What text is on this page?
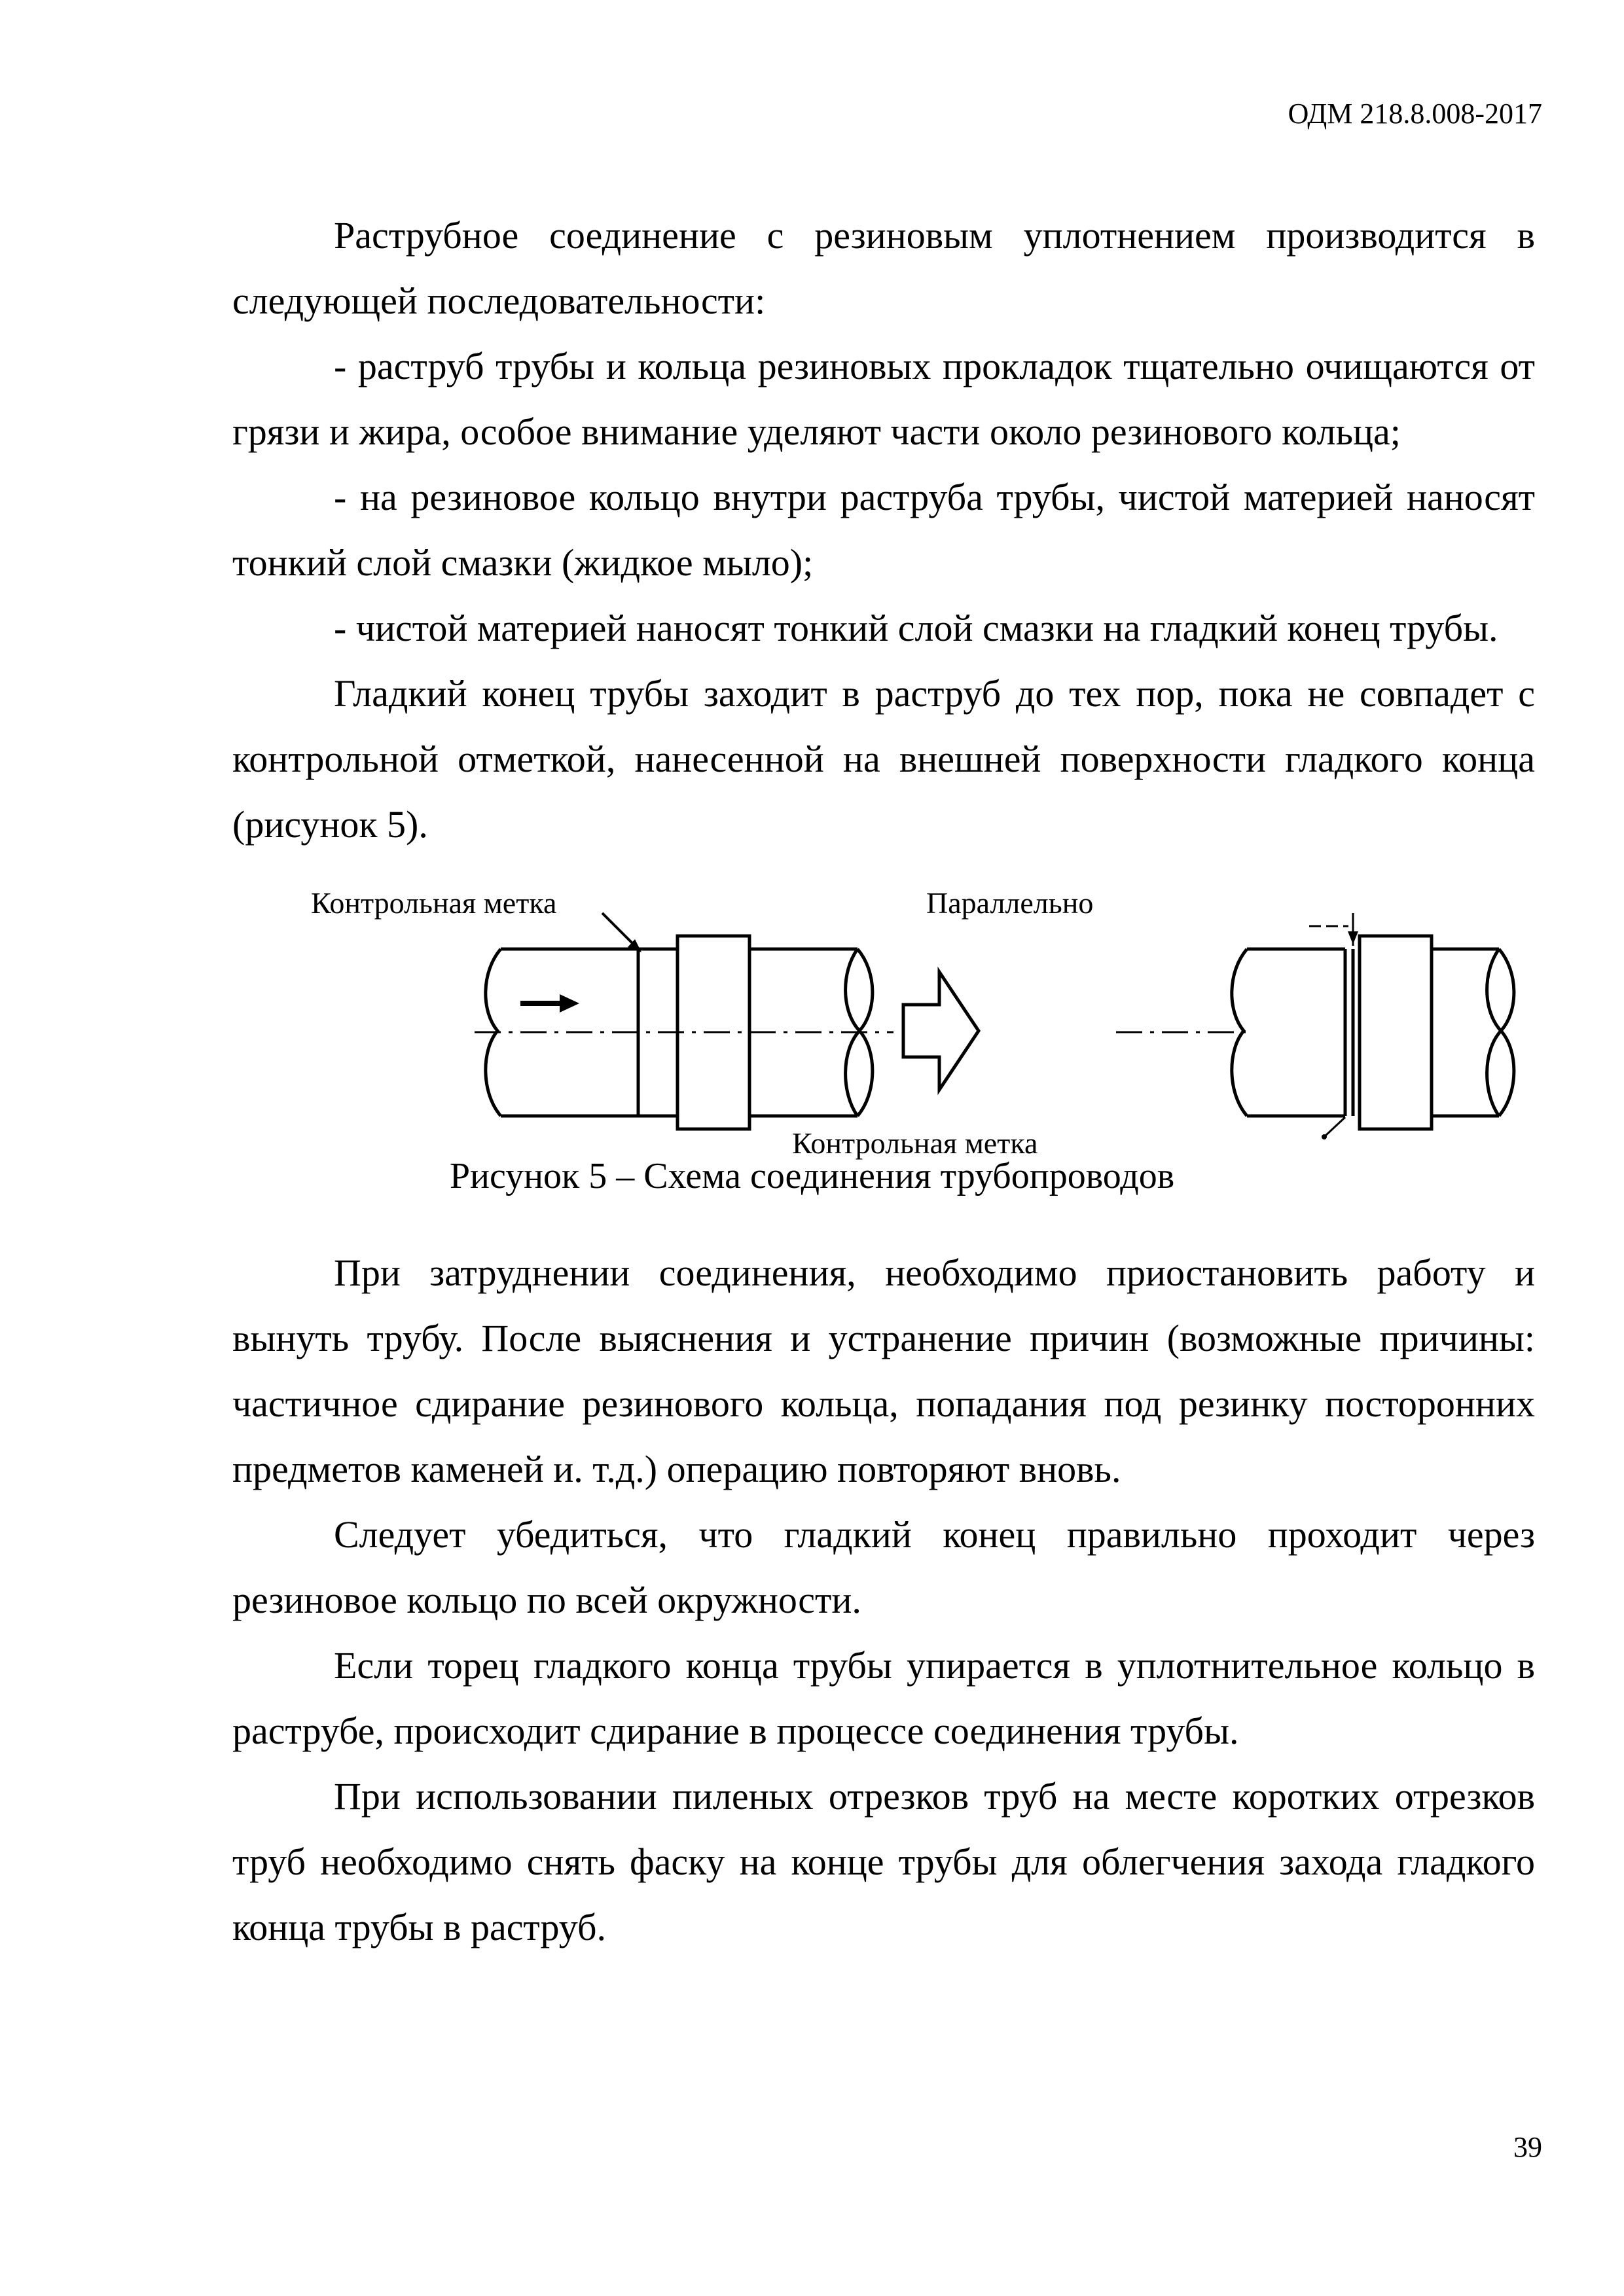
ОДМ 218.8.008-2017

Раструбное соединение с резиновым уплотнением производится в следующей последовательности:

- раструб трубы и кольца резиновых прокладок тщательно очищаются от грязи и жира, особое внимание уделяют части около резинового кольца;

- на резиновое кольцо внутри раструба трубы, чистой материей наносят тонкий слой смазки (жидкое мыло);

- чистой материей наносят тонкий слой смазки на гладкий конец трубы.

Гладкий конец трубы заходит в раструб до тех пор, пока не совпадет с контрольной отметкой, нанесенной на внешней поверхности гладкого конца (рисунок 5).

Контрольная метка	Параллельно
Контрольная метка
Рисунок 5 – Схема соединения трубопроводов

При затруднении соединения, необходимо приостановить работу и вынуть трубу. После выяснения и устранение причин (возможные причины: частичное сдирание резинового кольца, попадания под резинку посторонних предметов каменей и. т.д.) операцию повторяют вновь.

Следует убедиться, что гладкий конец правильно проходит через резиновое кольцо по всей окружности.

Если торец гладкого конца трубы упирается в уплотнительное кольцо в раструбе, происходит сдирание в процессе соединения трубы.

При использовании пиленых отрезков труб на месте коротких отрезков труб необходимо снять фаску на конце трубы для облегчения захода гладкого конца трубы в раструб.

39
